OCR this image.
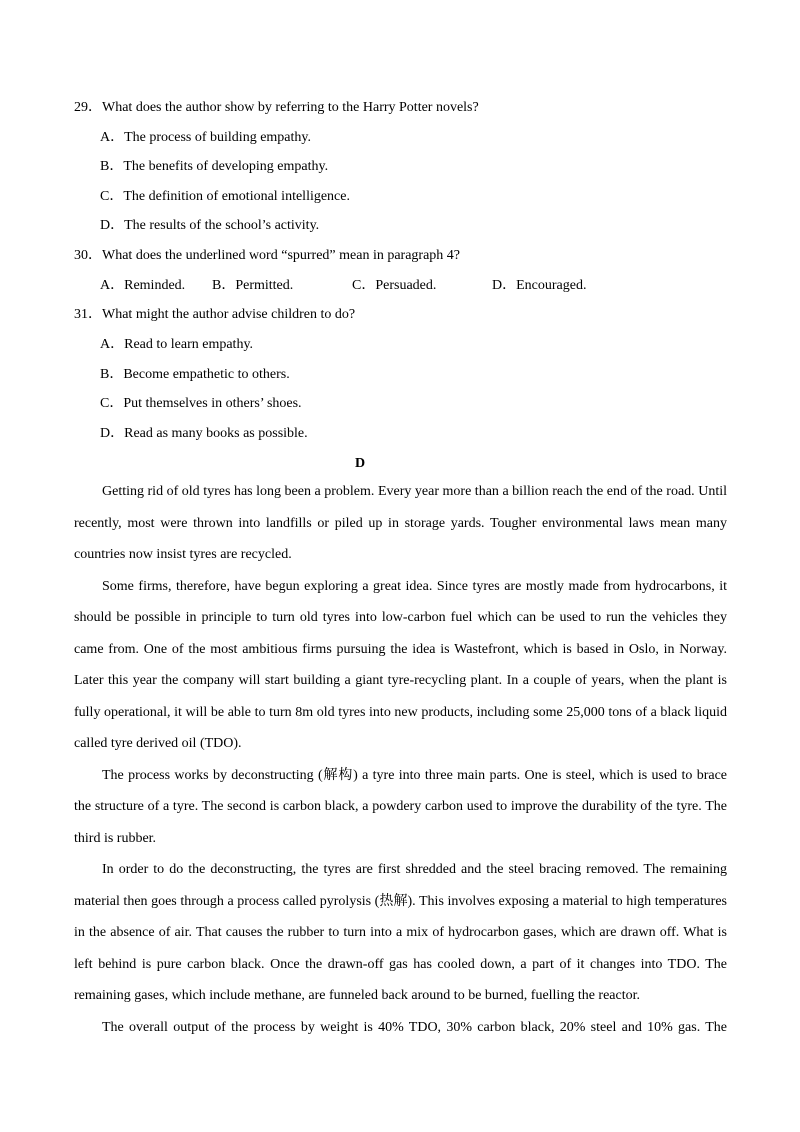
29．What does the author show by referring to the Harry Potter novels?
A．The process of building empathy.
B．The benefits of developing empathy.
C．The definition of emotional intelligence.
D．The results of the school’s activity.
30．What does the underlined word “spurred” mean in paragraph 4?
A．Reminded. B．Permitted.	C．Persuaded.	D．Encouraged.
31．What might the author advise children to do?
A．Read to learn empathy.
B．Become empathetic to others.
C．Put themselves in others’ shoes.
D．Read as many books as possible.
D

Getting rid of old tyres has long been a problem. Every year more than a billion reach the end of the road. Until recently, most were thrown into landfills or piled up in storage yards. Tougher environmental laws mean many countries now insist tyres are recycled.

Some firms, therefore, have begun exploring a great idea. Since tyres are mostly made from hydrocarbons, it should be possible in principle to turn old tyres into low-carbon fuel which can be used to run the vehicles they came from. One of the most ambitious firms pursuing the idea is Wastefront, which is based in Oslo, in Norway. Later this year the company will start building a giant tyre-recycling plant. In a couple of years, when the plant is fully operational, it will be able to turn 8m old tyres into new products, including some 25,000 tons of a black liquid called tyre derived oil (TDO).

The process works by deconstructing (解构) a tyre into three main parts. One is steel, which is used to brace the structure of a tyre. The second is carbon black, a powdery carbon used to improve the durability of the tyre. The third is rubber.

In order to do the deconstructing, the tyres are first shredded and the steel bracing removed. The remaining material then goes through a process called pyrolysis (热解). This involves exposing a material to high temperatures in the absence of air. That causes the rubber to turn into a mix of hydrocarbon gases, which are drawn off. What is left behind is pure carbon black. Once the drawn-off gas has cooled down, a part of it changes into TDO. The remaining gases, which include methane, are funneled back around to be burned, fuelling the reactor.

The overall output of the process by weight is 40% TDO, 30% carbon black, 20% steel and 10% gas. The
